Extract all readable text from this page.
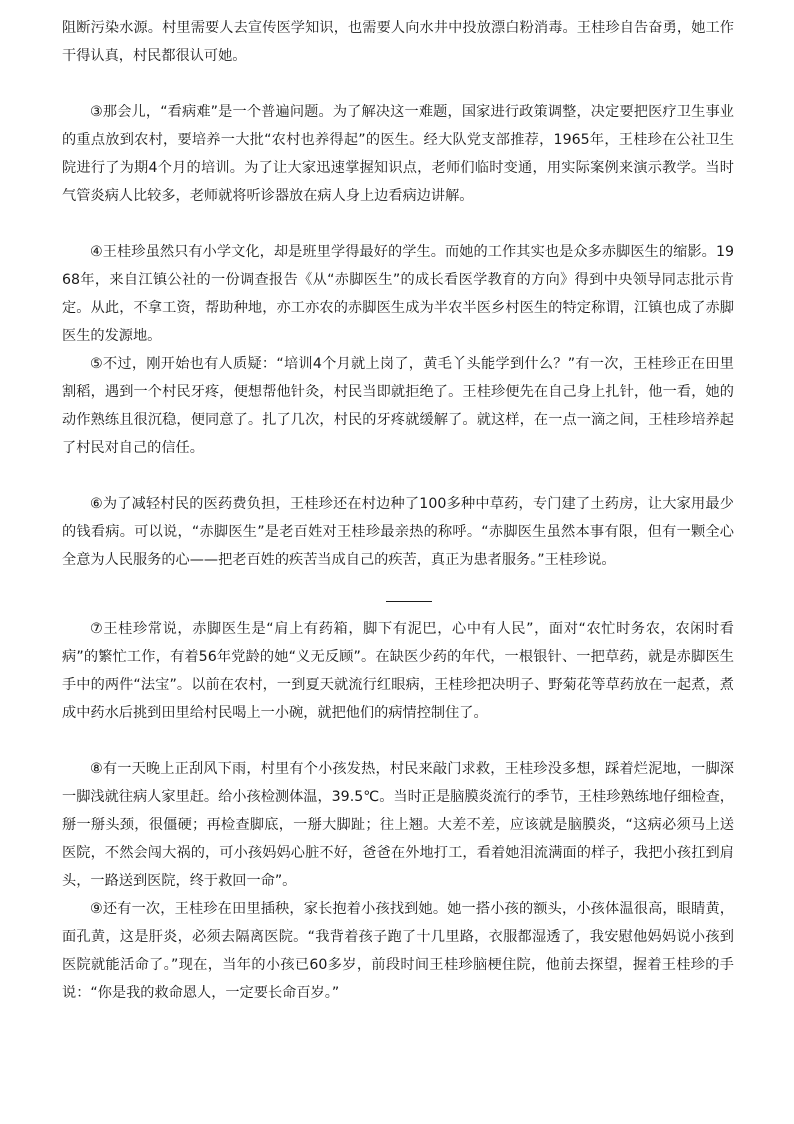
阻断污染水源。村里需要人去宣传医学知识，也需要人向水井中投放漂白粉消毒。王桂珍自告奋勇，她工作干得认真，村民都很认可她。

③那会儿，“看病难”是一个普遍问题。为了解决这一难题，国家进行政策调整，决定要把医疗卫生事业的重点放到农村，要培养一大批“农村也养得起”的医生。经大队党支部推荐，1965年，王桂珍在公社卫生院进行了为期4个月的培训。为了让大家迅速掌握知识点，老师们临时变通，用实际案例来演示教学。当时气管炎病人比较多，老师就将听诊器放在病人身上边看病边讲解。

④王桂珍虽然只有小学文化，却是班里学得最好的学生。而她的工作其实也是众多赤脚医生的缩影。1968年，来自江镇公社的一份调查报告《从“赤脚医生”的成长看医学教育的方向》得到中央领导同志批示肯定。从此，不拿工资，帮助种地，亦工亦农的赤脚医生成为半农半医乡村医生的特定称谓，江镇也成了赤脚医生的发源地。

⑤不过，刚开始也有人质疑：“培训4个月就上岗了，黄毛丫头能学到什么？”有一次，王桂珍正在田里割稻，遇到一个村民牙疼，便想帮他针灸，村民当即就拒绝了。王桂珍便先在自己身上扎针，他一看，她的动作熟练且很沉稳，便同意了。扎了几次，村民的牙疼就缓解了。就这样，在一点一滴之间，王桂珍培养起了村民对自己的信任。

⑥为了减轻村民的医药费负担，王桂珍还在村边种了100多种中草药，专门建了土药房，让大家用最少的钱看病。可以说，“赤脚医生”是老百姓对王桂珍最亲热的称呼。“赤脚医生虽然本事有限，但有一颗全心全意为人民服务的心——把老百姓的疾苦当成自己的疾苦，真正为患者服务。”王桂珍说。

⑦王桂珍常说，赤脚医生是“肩上有药箱，脚下有泥巴，心中有人民”，面对“农忙时务农，农闲时看病”的繁忙工作，有着56年党龄的她“义无反顾”。在缺医少药的年代，一根银针、一把草药，就是赤脚医生手中的两件“法宝”。以前在农村，一到夏天就流行红眼病，王桂珍把决明子、野菊花等草药放在一起煮，煮成中药水后挑到田里给村民喝上一小碗，就把他们的病情控制住了。

⑧有一天晚上正刮风下雨，村里有个小孩发热，村民来敲门求救，王桂珍没多想，踩着烂泥地，一脚深一脚浅就往病人家里赶。给小孩检测体温，39.5℃。当时正是脑膜炎流行的季节，王桂珍熟练地仔细检查，掰一掰头颈，很僵硬；再检查脚底，一掰大脚趾；往上翘。大差不差，应该就是脑膜炎，“这病必须马上送医院，不然会闯大祸的，可小孩妈妈心脏不好，爸爸在外地打工，看着她泪流满面的样子，我把小孩扛到肩头，一路送到医院，终于救回一命”。

⑨还有一次，王桂珍在田里插秧，家长抱着小孩找到她。她一搭小孩的额头，小孩体温很高，眼睛黄，面孔黄，这是肝炎，必须去隔离医院。“我背着孩子跑了十几里路，衣服都湿透了，我安慰他妈妈说小孩到医院就能活命了。”现在，当年的小孩已60多岁，前段时间王桂珍脑梗住院，他前去探望，握着王桂珍的手说：“你是我的救命恩人，一定要长命百岁。”
